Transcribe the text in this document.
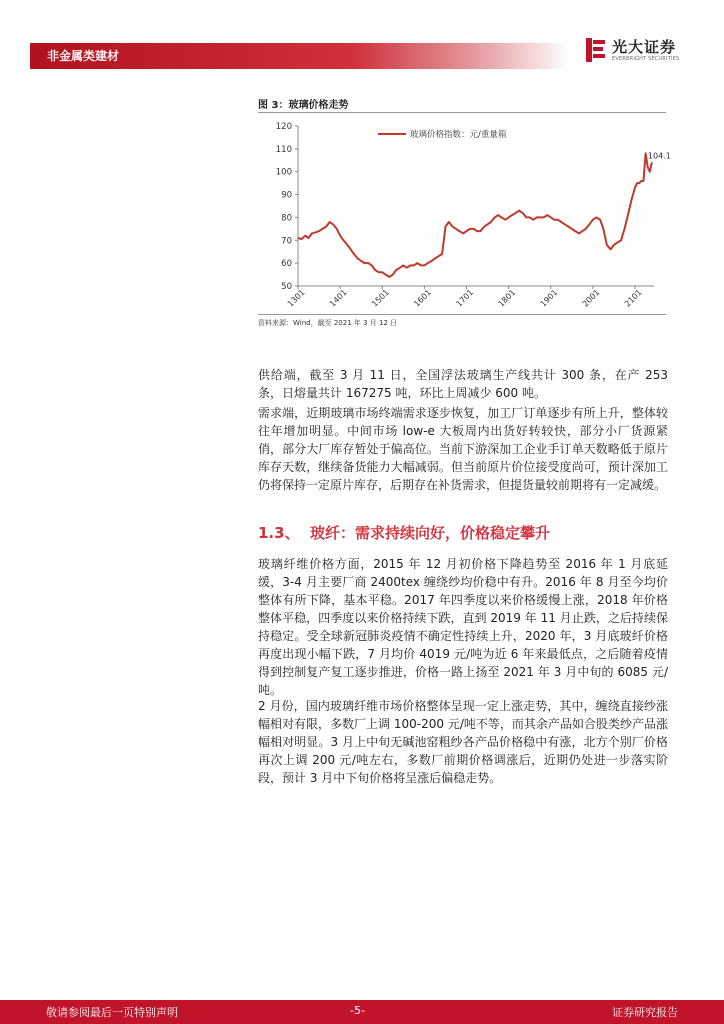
非金属类建材	光大证券
EVERBRIGHT SECURITIES
图 3：玻璃价格走势
50
60
70
80
90
100
110
120
1301	1401	1501	1601	1701	1801	1901	2001	2101
104.1
玻璃价格指数：元/重量箱
资料来源：Wind，截至 2021 年 3 月 12 日

供给端，截至 3 月 11 日，全国浮法玻璃生产线共计 300 条，在产 253 条，日熔量共计 167275 吨，环比上周减少 600 吨。

需求端，近期玻璃市场终端需求逐步恢复，加工厂订单逐步有所上升，整体较往年增加明显。中间市场 low-e 大板周内出货好转较快，部分小厂货源紧俏，部分大厂库存暂处于偏高位。当前下游深加工企业手订单天数略低于原片库存天数，继续备货能力大幅减弱。但当前原片价位接受度尚可，预计深加工仍将保持一定原片库存，后期存在补货需求，但提货量较前期将有一定减缓。

1.3、 玻纤：需求持续向好，价格稳定攀升

玻璃纤维价格方面，2015 年 12 月初价格下降趋势至 2016 年 1 月底延缓，3-4 月主要厂商 2400tex 缠绕纱均价稳中有升。2016 年 8 月至今均价整体有所下降，基本平稳。2017 年四季度以来价格缓慢上涨，2018 年价格整体平稳，四季度以来价格持续下跌，直到 2019 年 11 月止跌，之后持续保持稳定。受全球新冠肺炎疫情不确定性持续上升，2020 年，3 月底玻纤价格再度出现小幅下跌，7 月均价 4019 元/吨为近 6 年来最低点，之后随着疫情得到控制复产复工逐步推进，价格一路上扬至 2021 年 3 月中旬的 6085 元/吨。

2 月份，国内玻璃纤维市场价格整体呈现一定上涨走势，其中，缠绕直接纱涨幅相对有限，多数厂上调 100-200 元/吨不等，而其余产品如合股类纱产品涨幅相对明显。3 月上中旬无碱池窑粗纱各产品价格稳中有涨，北方个别厂价格再次上调 200 元/吨左右，多数厂前期价格调涨后，近期仍处进一步落实阶段，预计 3 月中下旬价格将呈涨后偏稳走势。

敬请参阅最后一页特别声明	-5-	证券研究报告
